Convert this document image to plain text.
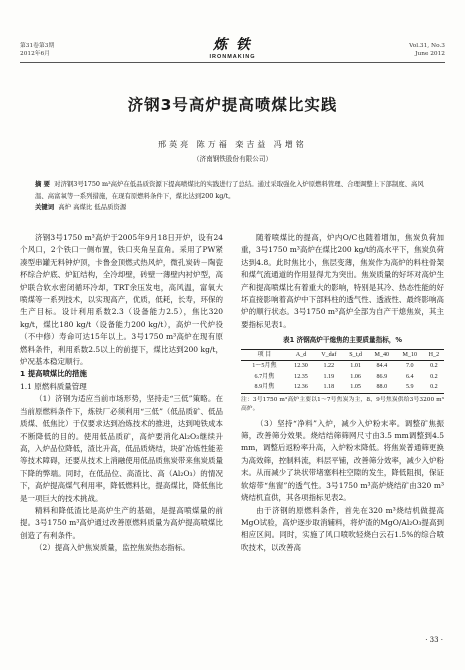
第31卷第3期
2012年6月
炼 铁
IRONMAKING
Vol.31, No.3
June 2012
济钢3号高炉提高喷煤比实践
邢英亮 陈万福 栾吉益 冯增铭
（济南钢铁股份有限公司）
摘 要 对济钢3号1750 m³高炉在低品质资源下提高喷煤比的实践进行了总结。通过采取强化入炉原燃料管理、合理调整上下部制度、高风温、高富氧等一系列措施，在现有原燃料条件下，煤比达到200 kg/t。
关键词 高炉 高煤比 低品质资源

济钢3号1750 m³高炉于2005年9月18日开炉，设有24个风口，2个铁口一侧布置，铁口夹角呈直角。采用了PW紧凑型串罐无料钟炉顶，卡鲁金顶燃式热风炉，微孔炭砖－陶瓷杯综合炉底、炉缸结构，全冷却壁，砖壁一薄壁内衬炉型，高炉联合软水密闭循环冷却，TRT余压发电，高风温，富氧大喷煤等一系列技术，以实现高产，优质，低耗，长寿，环保的生产目标。设计利用系数2.3（设备能力2.5），焦比320 kg/t，煤比180 kg/t（设备能力200 kg/t），高炉一代炉役（不中修）寿命可达15年以上。3号1750 m³高炉在现有原燃料条件，利用系数2.5以上的前提下，煤比达到200 kg/t，炉况基本稳定顺行。

1 提高喷煤比的措施

1.1 原燃料质量管理

（1）济钢为适应当前市场形势，坚持走“三低”策略。在当前原燃料条件下，炼铁厂必须利用“三低”（低品质矿、低品质煤、低焦比）于仅要求达到冶炼技术的推进，达到吨铁成本不断降低的目的。使用低品质矿，高炉要消化Al₂O₃继续升高，入炉品位降低，渣比升高，低品质烧结，块矿冶炼性能差等技术障碍，还要从技术上消融使用低品质焦炭带来焦炭质量下降的弊端。同时，在低品位、高渣比、高（Al₂O₃）的情况下，高炉提高煤气利用率，降低燃料比，提高煤比，降低焦比是一项巨大的技术挑战。

精料和降低渣比是高炉生产的基础，是提高喷煤量的前提。3号1750 m³高炉通过改善原燃料质量为高炉提高喷煤比创造了有利条件。

（2）提高入炉焦炭质量，监控焦炭热态指标。

随着喷煤比的提高，炉内O/C也随着增加，焦炭负荷加重，3号1750 m³高炉在煤比200 kg/t的高水平下，焦炭负荷达到4.8。此时焦比小，焦层变薄，焦炭作为高炉的料柱骨架和煤气流通道的作用显得尤为突出。焦炭质量的好坏对高炉生产和提高喷煤比有着重大的影响，特别是其冷、热态性能的好坏直接影响着高炉中下部料柱的透气性、透液性、最终影响高炉的顺行状态。3号1750 m³高炉全部为自产干熄焦炭，其主要指标见表1。

表1 济钢高炉干熄焦的主要质量指标，%
项 目	A_d	V_daf	S_t,d	M_40	M_10	H_2
1～5月焦	12.30	1.22	1.01	84.4	7.0	0.2
6.7月焦	12.35	1.19	1.06	86.9	6.4	0.2
8.9月焦	12.36	1.18	1.05	88.0	5.9	0.2
注：3号1750 m³高炉主要以1～7号焦炭为主，8、9号焦炭供给3号3200 m³高炉。

（3）坚持“净料”入炉，减少入炉粉末率。调整矿焦振筛，改善筛分效果。烧结结筛筛网尺寸由3.5 mm调整到4.5 mm，调整后返粉率升高，入炉粉末降低。将焦炭普通筛更换为高效筛，控制料流，料层平铺，改善筛分效率，减少入炉粉末。从而减少了块状带堵塞料柱空隙的发生，降低阻损，保证软熔带“焦窗”的透气性。3号1750 m³高炉烧结矿由320 m³烧结机直供，其各项指标见表2。

由于济钢的原燃料条件，首先在320 m³烧结机做提高MgO试验，高炉逐步取消辅料，将炉渣的MgO/Al₂O₃提高到相应区间。同时，实施了风口喷吹轻烧白云石1.5%的综合喷吹技术，以改善高

· 33 ·
